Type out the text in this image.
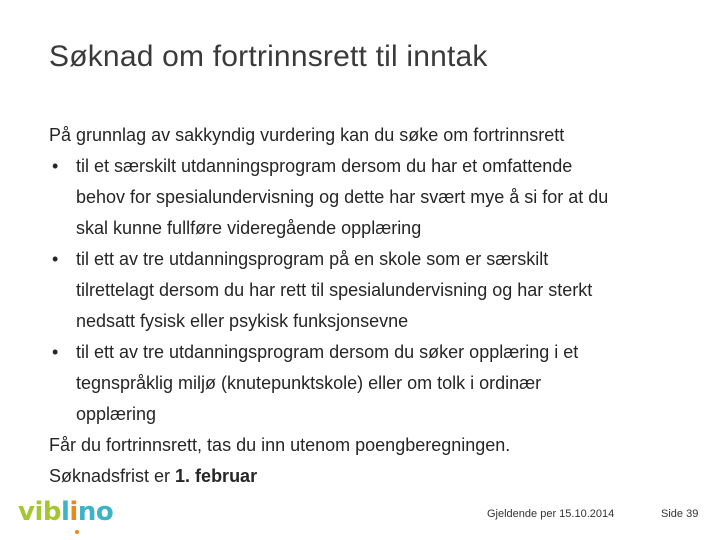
Søknad om fortrinnsrett til inntak

På grunnlag av sakkyndig vurdering kan du søke om fortrinnsrett

• til et særskilt utdanningsprogram dersom du har et omfattende
behov for spesialundervisning og dette har svært mye å si for at du
skal kunne fullføre videregående opplæring
• til ett av tre utdanningsprogram på en skole som er særskilt
tilrettelagt dersom du har rett til spesialundervisning og har sterkt
nedsatt fysisk eller psykisk funksjonsevne
• til ett av tre utdanningsprogram dersom du søker opplæring i et
tegnspråklig miljø (knutepunktskole) eller om tolk i ordinær
opplæring

Får du fortrinnsrett, tas du inn utenom poengberegningen.

Søknadsfrist er 1. februar

viblino	Gjeldende per 15.10.2014	Side 39
